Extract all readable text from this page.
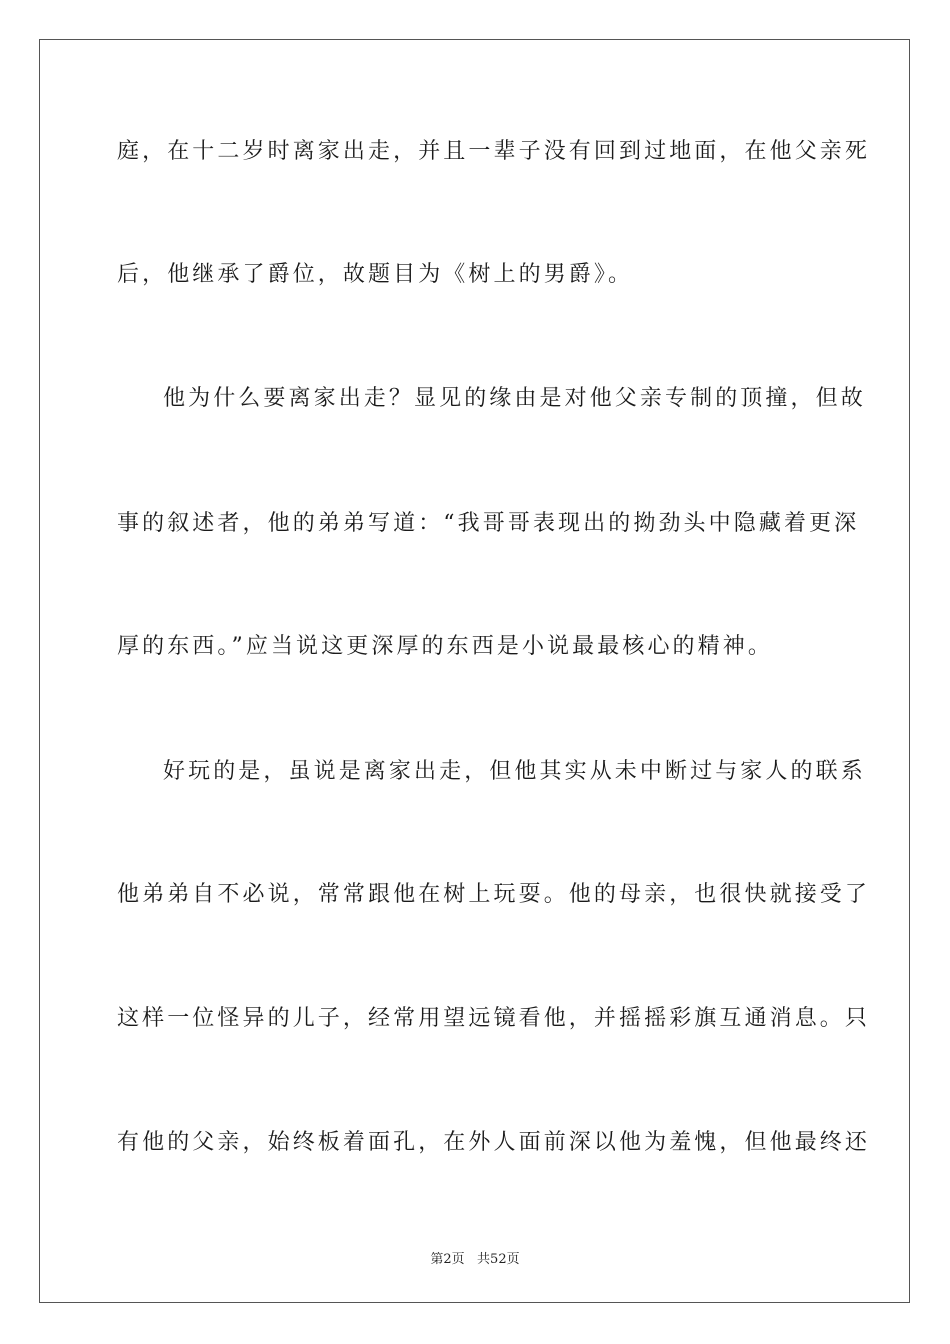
庭，在十二岁时离家出走，并且一辈子没有回到过地面，在他父亲死
后，他继承了爵位，故题目为《树上的男爵》。
他为什么要离家出走？显见的缘由是对他父亲专制的顶撞，但故
事的叙述者，他的弟弟写道：“我哥哥表现出的拗劲头中隐藏着更深
厚的东西。”应当说这更深厚的东西是小说最最核心的精神。
好玩的是，虽说是离家出走，但他其实从未中断过与家人的联系
他弟弟自不必说，常常跟他在树上玩耍。他的母亲，也很快就接受了
这样一位怪异的儿子，经常用望远镜看他，并摇摇彩旗互通消息。只
有他的父亲，始终板着面孔，在外人面前深以他为羞愧，但他最终还
第2页   共52页
